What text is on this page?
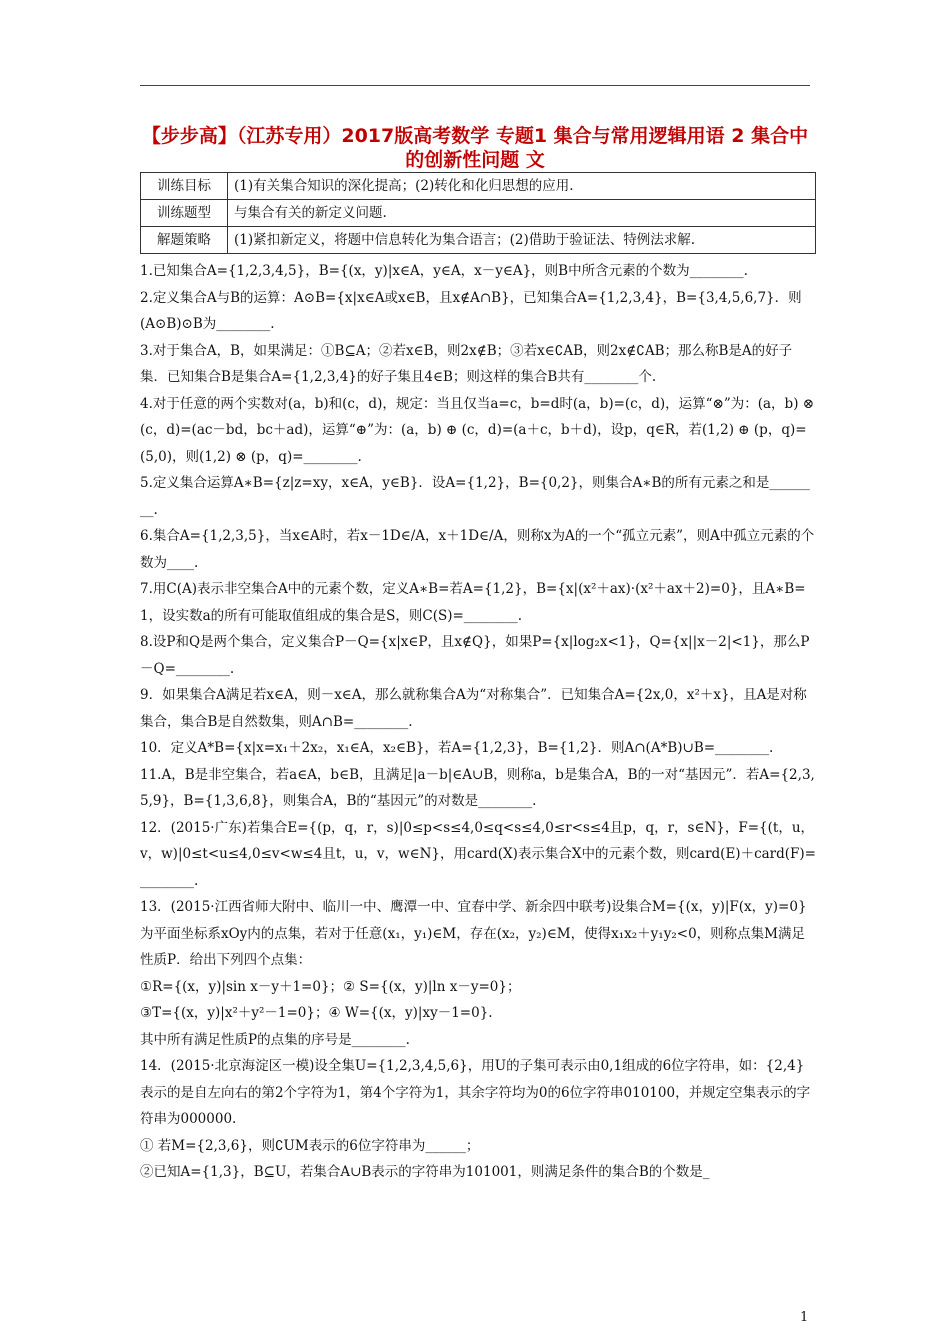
【步步高】（江苏专用）2017版高考数学 专题1 集合与常用逻辑用语 2 集合中的创新性问题 文
训练目标	(1)有关集合知识的深化提高；(2)转化和化归思想的应用.
训练题型	与集合有关的新定义问题.
解题策略	(1)紧扣新定义，将题中信息转化为集合语言；(2)借助于验证法、特例法求解.

1.已知集合A={1,2,3,4,5}，B={(x，y)|x∈A，y∈A，x－y∈A}，则B中所含元素的个数为________.

2.定义集合A与B的运算：A⊙B={x|x∈A或x∈B，且x∉A∩B}，已知集合A={1,2,3,4}，B={3,4,5,6,7}．则(A⊙B)⊙B为________.

3.对于集合A，B，如果满足：①B⊆A；②若x∈B，则2x∉B；③若x∈∁AB，则2x∉∁AB；那么称B是A的好子集．已知集合B是集合A={1,2,3,4}的好子集且4∈B；则这样的集合B共有________个.

4.对于任意的两个实数对(a，b)和(c，d)，规定：当且仅当a=c，b=d时(a，b)=(c，d)，运算“⊗”为：(a，b) ⊗ (c，d)=(ac－bd，bc＋ad)，运算“⊕”为：(a，b) ⊕ (c，d)=(a＋c，b＋d)，设p，q∈R，若(1,2) ⊕ (p，q)=(5,0)，则(1,2) ⊗ (p，q)=________.

5.定义集合运算A∗B={z|z=xy，x∈A，y∈B}．设A={1,2}，B={0,2}，则集合A∗B的所有元素之和是________.

6.集合A={1,2,3,5}，当x∈A时，若x－1D∈/A，x＋1D∈/A，则称x为A的一个“孤立元素”，则A中孤立元素的个数为____.

7.用C(A)表示非空集合A中的元素个数，定义A∗B=若A={1,2}，B={x|(x²＋ax)·(x²＋ax＋2)=0}，且A∗B=1，设实数a的所有可能取值组成的集合是S，则C(S)=________.

8.设P和Q是两个集合，定义集合P－Q={x|x∈P，且x∉Q}，如果P={x|log₂x<1}，Q={x||x－2|<1}，那么P－Q=________.

9．如果集合A满足若x∈A，则－x∈A，那么就称集合A为“对称集合”．已知集合A={2x,0，x²＋x}，且A是对称集合，集合B是自然数集，则A∩B=________.

10．定义A*B={x|x=x₁＋2x₂，x₁∈A，x₂∈B}，若A={1,2,3}，B={1,2}．则A∩(A*B)∪B=________.

11.A，B是非空集合，若a∈A，b∈B，且满足|a－b|∈A∪B，则称a，b是集合A，B的一对“基因元”．若A={2,3,5,9}，B={1,3,6,8}，则集合A，B的“基因元”的对数是________.

12．(2015·广东)若集合E={(p，q，r，s)|0≤p<s≤4,0≤q<s≤4,0≤r<s≤4且p，q，r，s∈N}，F={(t，u，v，w)|0≤t<u≤4,0≤v<w≤4且t，u，v，w∈N}，用card(X)表示集合X中的元素个数，则card(E)＋card(F)=________.

13．(2015·江西省师大附中、临川一中、鹰潭一中、宜春中学、新余四中联考)设集合M={(x，y)|F(x，y)=0}为平面坐标系xOy内的点集，若对于任意(x₁，y₁)∈M，存在(x₂，y₂)∈M，使得x₁x₂＋y₁y₂<0，则称点集M满足性质P．给出下列四个点集：

①R={(x，y)|sin x－y＋1=0}；② S={(x，y)|ln x－y=0}；

③T={(x，y)|x²＋y²－1=0}；④ W={(x，y)|xy－1=0}.

其中所有满足性质P的点集的序号是________.

14．(2015·北京海淀区一模)设全集U={1,2,3,4,5,6}，用U的子集可表示由0,1组成的6位字符串，如：{2,4}表示的是自左向右的第2个字符为1，第4个字符为1，其余字符均为0的6位字符串010100，并规定空集表示的字符串为000000.

① 若M={2,3,6}，则∁UM表示的6位字符串为______；

②已知A={1,3}，B⊆U，若集合A∪B表示的字符串为101001，则满足条件的集合B的个数是_

1
